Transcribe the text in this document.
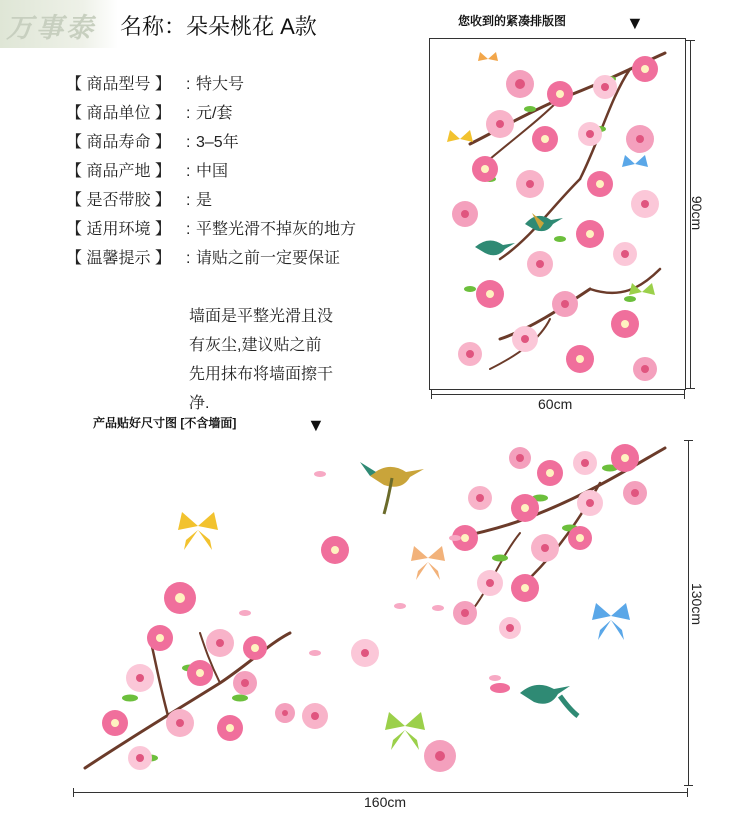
万事泰 名称：朵朵桃花 A款
【 商品型号 】 : 特大号
【 商品单位 】 : 元/套
【 商品寿命 】 : 3–5年
【 商品产地 】 : 中国
【 是否带胶 】 : 是
【 适用环境 】 : 平整光滑不掉灰的地方
【 温馨提示 】 : 请贴之前一定要保证
墙面是平整光滑且没
有灰尘,建议贴之前
先用抹布将墙面擦干
净.
您收到的紧凑排版图	▼
60cm
90cm
产品贴好尺寸图 [不含墙面]	▼
160cm
130cm
